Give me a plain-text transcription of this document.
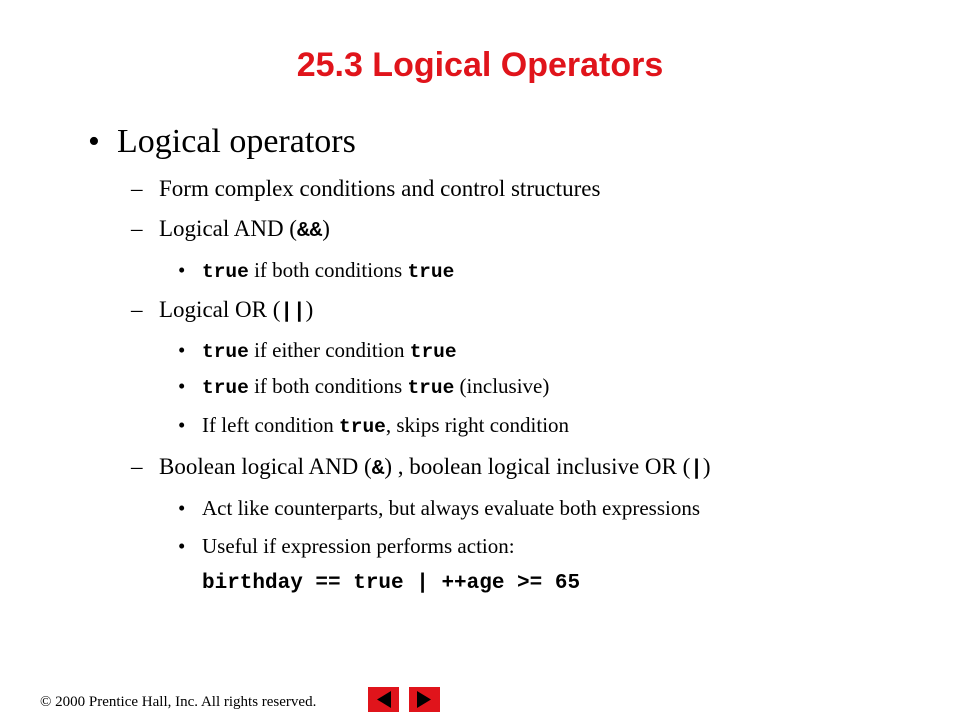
25.3	Logical Operators
• Logical operators
– Form complex conditions and control structures
– Logical AND (&&)
• true if both conditions true
– Logical OR (||)
• true if either condition true
• true if both conditions true (inclusive)
• If left condition true, skips right condition
– Boolean logical AND (&) , boolean logical inclusive OR (|)
• Act like counterparts, but always evaluate both expressions
• Useful if expression performs action:
birthday == true | ++age >= 65
© 2000 Prentice Hall, Inc. All rights reserved.
